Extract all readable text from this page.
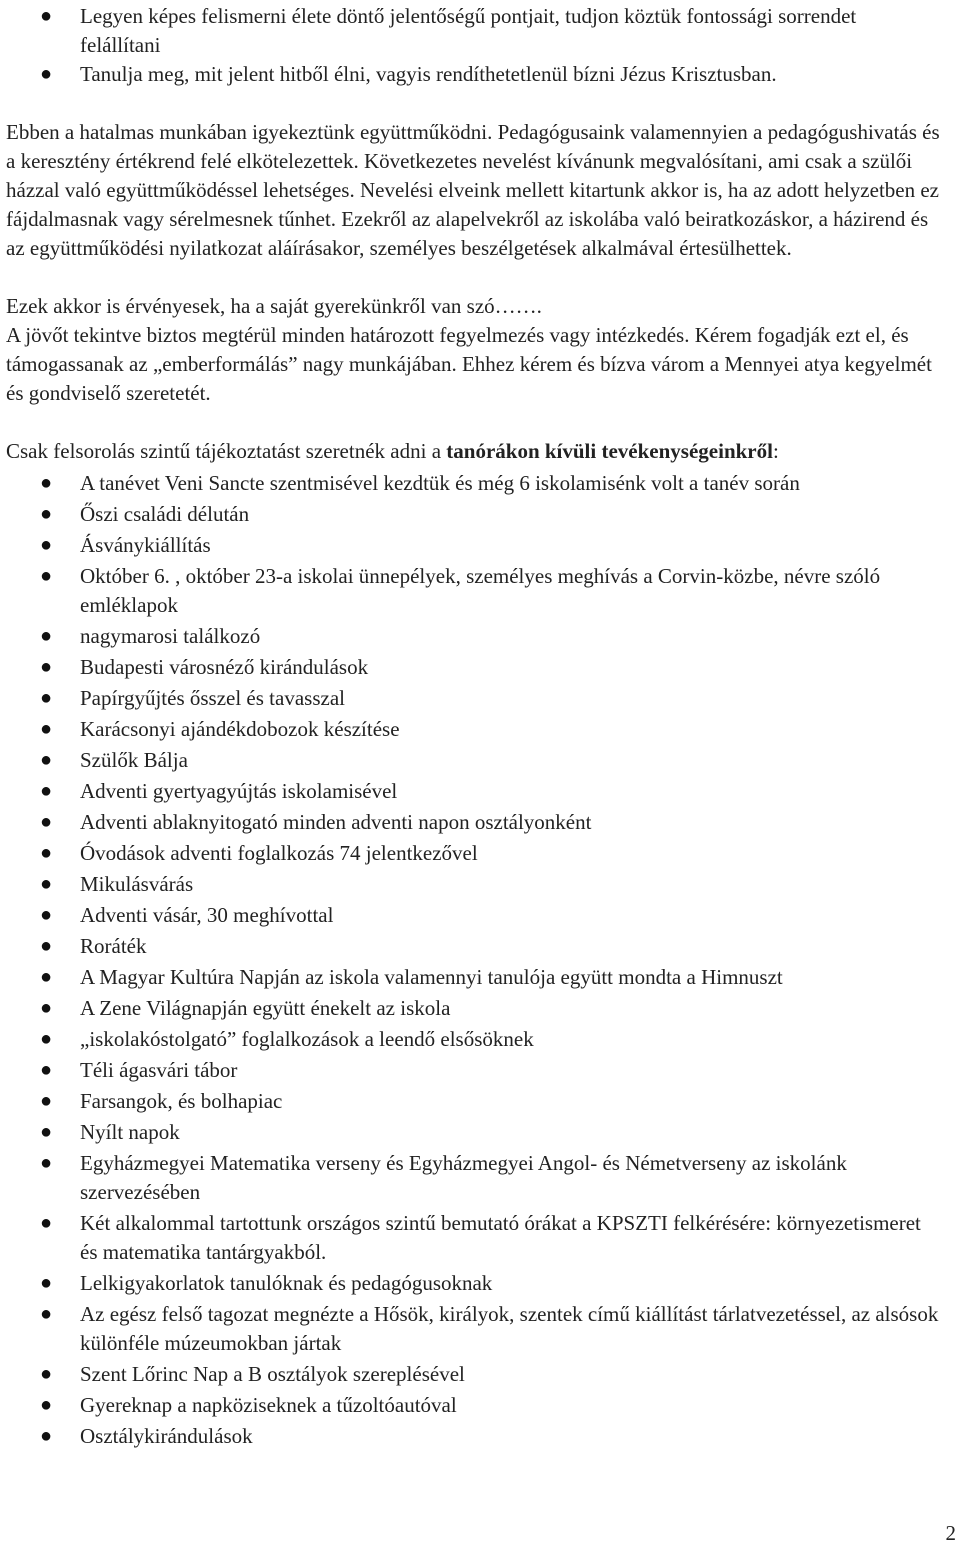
● Legyen képes felismerni élete döntő jelentőségű pontjait, tudjon köztük fontossági sorrendet felállítani
● Tanulja meg, mit jelent hitből élni, vagyis rendíthetetlenül bízni Jézus Krisztusban.

Ebben a hatalmas munkában igyekeztünk együttműködni. Pedagógusaink valamennyien a pedagógushivatás és a keresztény értékrend felé elkötelezettek. Következetes nevelést kívánunk megvalósítani, ami csak a szülői házzal való együttműködéssel lehetséges. Nevelési elveink mellett kitartunk akkor is, ha az adott helyzetben ez fájdalmasnak vagy sérelmesnek tűnhet. Ezekről az alapelvekről az iskolába való beiratkozáskor, a házirend és az együttműködési nyilatkozat aláírásakor, személyes beszélgetések alkalmával értesülhettek.

Ezek akkor is érvényesek, ha a saját gyerekünkről van szó…….

A jövőt tekintve biztos megtérül minden határozott fegyelmezés vagy intézkedés. Kérem fogadják ezt el, és támogassanak az „emberformálás” nagy munkájában. Ehhez kérem és bízva várom a Mennyei atya kegyelmét és gondviselő szeretetét.

Csak felsorolás szintű tájékoztatást szeretnék adni a tanórákon kívüli tevékenységeinkről:

● A tanévet Veni Sancte szentmisével kezdtük és még 6 iskolamisénk volt a tanév során
● Őszi családi délután
● Ásványkiállítás
● Október 6. , október 23-a iskolai ünnepélyek, személyes meghívás a Corvin-közbe, névre szóló emléklapok
● nagymarosi találkozó
● Budapesti városnéző kirándulások
● Papírgyűjtés ősszel és tavasszal
● Karácsonyi ajándékdobozok készítése
● Szülők Bálja
● Adventi gyertyagyújtás iskolamisével
● Adventi ablaknyitogató minden adventi napon osztályonként
● Óvodások adventi foglalkozás 74 jelentkezővel
● Mikulásvárás
● Adventi vásár, 30 meghívottal
● Roráték
● A Magyar Kultúra Napján az iskola valamennyi tanulója együtt mondta a Himnuszt
● A Zene Világnapján együtt énekelt az iskola
● „iskolakóstolgató” foglalkozások a leendő elsősöknek
● Téli ágasvári tábor
● Farsangok, és bolhapiac
● Nyílt napok
● Egyházmegyei Matematika verseny és Egyházmegyei Angol- és Németverseny az iskolánk szervezésében
● Két alkalommal tartottunk országos szintű bemutató órákat a KPSZTI felkérésére: környezetismeret és matematika tantárgyakból.
● Lelkigyakorlatok tanulóknak és pedagógusoknak
● Az egész felső tagozat megnézte a Hősök, királyok, szentek című kiállítást tárlatvezetéssel, az alsósok különféle múzeumokban jártak
● Szent Lőrinc Nap a B osztályok szereplésével
● Gyereknap a napköziseknek a tűzoltóautóval
● Osztálykirándulások
2
